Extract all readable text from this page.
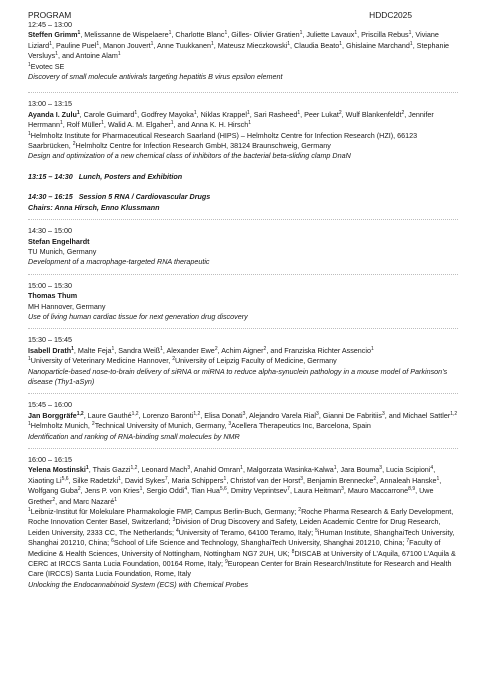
PROGRAM	HDDC2025
12:45 – 13:00
Steffen Grimm$^1$, Melissanne de Wispelaere$^1$, Charlotte Blanc$^1$, Gilles- Olivier Gratien$^1$, Juliette Lavaux$^1$, Priscilla Rebus$^1$, Viviane Liziard$^1$, Pauline Puel$^1$, Manon Jouvert$^1$, Anne Tuukkanen$^1$, Mateusz Mieczkowski$^1$, Claudia Beato$^1$, Ghislaine Marchand$^1$, Stephanie Versluys$^1$, and Antoine Alam$^1$
$^1$Evotec SE
Discovery of small molecule antivirals targeting hepatitis B virus epsilon element
13:00 – 13:15
Ayanda I. Zulu$^1$, Carole Guimard$^1$, Godfrey Mayoka$^1$, Niklas Krappel$^1$, Sari Rasheed$^1$, Peer Lukat$^2$, Wulf Blankenfeldt$^2$, Jennifer Herrmann$^1$, Rolf Müller$^1$, Walid A. M. Elgaher$^1$, and Anna K. H. Hirsch$^1$
$^1$Helmholtz Institute for Pharmaceutical Research Saarland (HIPS) – Helmholtz Centre for Infection Research (HZI), 66123 Saarbrücken, $^2$Helmholtz Centre for Infection Research GmbH, 38124 Braunschweig, Germany
Design and optimization of a new chemical class of inhibitors of the bacterial beta-sliding clamp DnaN
13:15 – 14:30   Lunch, Posters and Exhibition
14:30 – 16:15   Session 5 RNA / Cardiovascular Drugs
Chairs: Anna Hirsch, Enno Klussmann
14:30 – 15:00
Stefan Engelhardt
TU Munich, Germany
Development of a macrophage-targeted RNA therapeutic
15:00 – 15:30
Thomas Thum
MH Hannover, Germany
Use of living human cardiac tissue for next generation drug discovery
15:30 – 15:45
Isabell Drath$^1$, Malte Feja$^1$, Sandra Weiß$^1$, Alexander Ewe$^2$, Achim Aigner$^2$, and Franziska Richter Assencio$^1$
$^1$University of Veterinary Medicine Hannover, $^2$University of Leipzig Faculty of Medicine, Germany
Nanoparticle-based nose-to-brain delivery of siRNA or miRNA to reduce alpha-synuclein pathology in a mouse model of Parkinson’s disease (Thy1-aSyn)
15:45 – 16:00
Jan Borggräfe$^{1,2}$, Laure Gauthé$^{1,2}$, Lorenzo Baronti$^{1,2}$, Elisa Donati$^3$, Alejandro Varela Rial$^3$, Gianni De Fabritiis$^3$, and Michael Sattler$^{1,2}$
$^1$Helmholtz Munich, $^2$Technical University of Munich, Germany, $^3$Acellera Therapeutics Inc, Barcelona, Spain
Identification and ranking of RNA-binding small molecules by NMR
16:00 – 16:15
Yelena Mostinski$^1$, Thais Gazzi$^{1,2}$, Leonard Mach$^3$, Anahid Omran$^1$, Malgorzata Wasinka-Kalwa$^1$, Jara Bouma$^3$, Lucia Scipioni$^4$, Xiaoting Li$^{5,6}$, Silke Radetzki$^1$, David Sykes$^7$, Maria Schippers$^1$, Christof van der Horst$^3$, Benjamin Brennecke$^2$, Annaleah Hanske$^1$, Wolfgang Guba$^2$, Jens P. von Kries$^1$, Sergio Oddi$^4$, Tian Hua$^{5,6}$, Dmitry Veprintsev$^7$, Laura Heitman$^3$, Mauro Maccarrone$^{8,9}$, Uwe Grether$^2$, and Marc Nazaré$^1$
$^1$Leibniz-Institut für Molekulare Pharmakologie FMP, Campus Berlin-Buch, Germany; $^2$Roche Pharma Research & Early Development, Roche Innovation Center Basel, Switzerland; $^3$Division of Drug Discovery and Safety, Leiden Academic Centre for Drug Research, Leiden University, 2333 CC, The Netherlands; $^4$University of Teramo, 64100 Teramo, Italy; $^5$iHuman Institute, ShanghaiTech University, Shanghai 201210, China; $^6$School of Life Science and Technology, ShanghaiTech University, Shanghai 201210, China; $^7$Faculty of Medicine & Health Sciences, University of Nottingham, Nottingham NG7 2UH, UK; $^8$DISCAB at University of L’Aquila, 67100 L’Aquila & CERC at IRCCS Santa Lucia Foundation, 00164 Rome, Italy; $^9$European Center for Brain Research/Institute for Research and Health Care (IRCCS) Santa Lucia Foundation, Rome, Italy
Unlocking the Endocannabinoid System (ECS) with Chemical Probes
